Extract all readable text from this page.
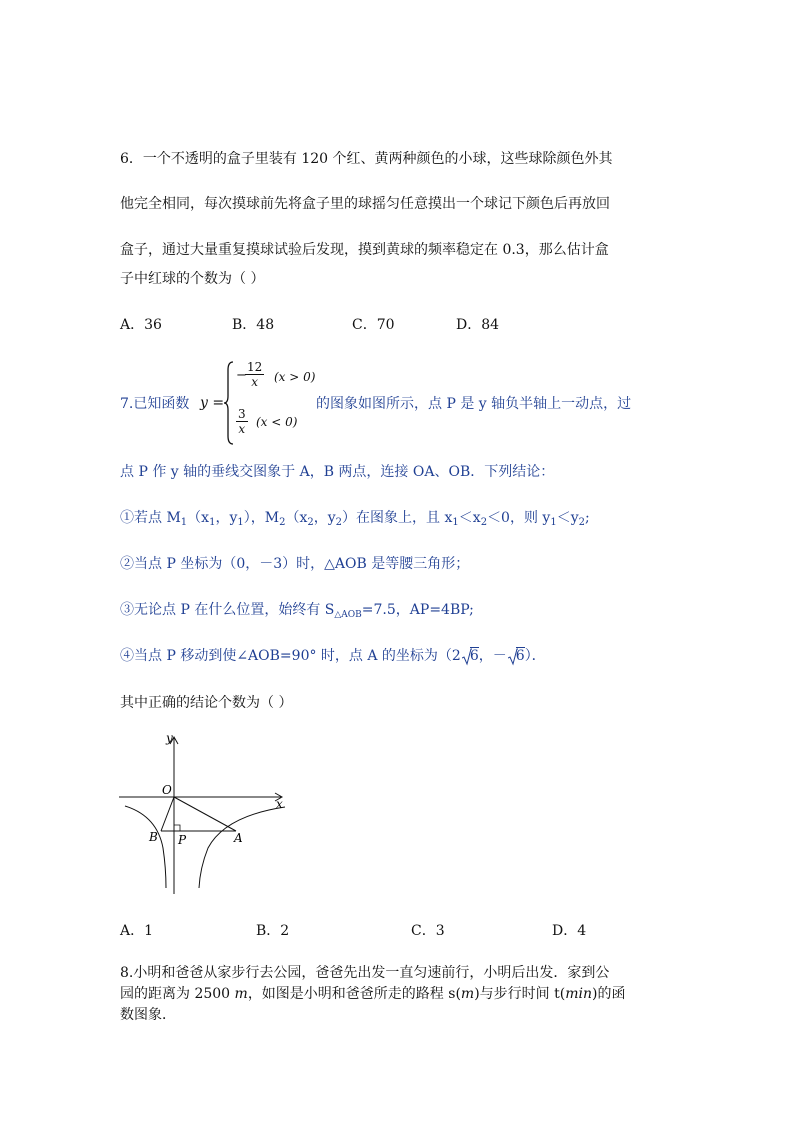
6．一个不透明的盒子里装有 120 个红、黄两种颜色的小球，这些球除颜色外其
他完全相同，每次摸球前先将盒子里的球摇匀任意摸出一个球记下颜色后再放回
盒子，通过大量重复摸球试验后发现，摸到黄球的频率稳定在 0.3，那么估计盒
子中红球的个数为（ ）
A．36	B．48	C．70	D．84
7.已知函数 y =
−
$\frac{12}{x} (x > 0)$
$\frac{3}{x} (x < 0)$
的图象如图所示，点 P 是 y 轴负半轴上一动点，过
点 P 作 y 轴的垂线交图象于 A，B 两点，连接 OA、OB．下列结论：
①若点 $M_1(x_1$，$y_1$），$M_2(x_2$，$y_2$）在图象上，且 $x_1<x_2<0$，则 $y_1<y_2$;
②当点 P 坐标为（0，－3）时，△AOB 是等腰三角形；
③无论点 P 在什么位置，始终有 $S_{\triangle AOB}=7.5$，AP=4BP;
④当点 P 移动到使∠AOB=90° 时，点 A 的坐标为（2 6，－ 6）．
其中正确的结论个数为（ ）
y
x
O
B P	A
A．1	B．2	C．3	D．4
8.小明和爸爸从家步行去公园，爸爸先出发一直匀速前行，小明后出发．家到公
园的距离为 2500 m，如图是小明和爸爸所走的路程 s(m)与步行时间 t(min)的函
数图象．
